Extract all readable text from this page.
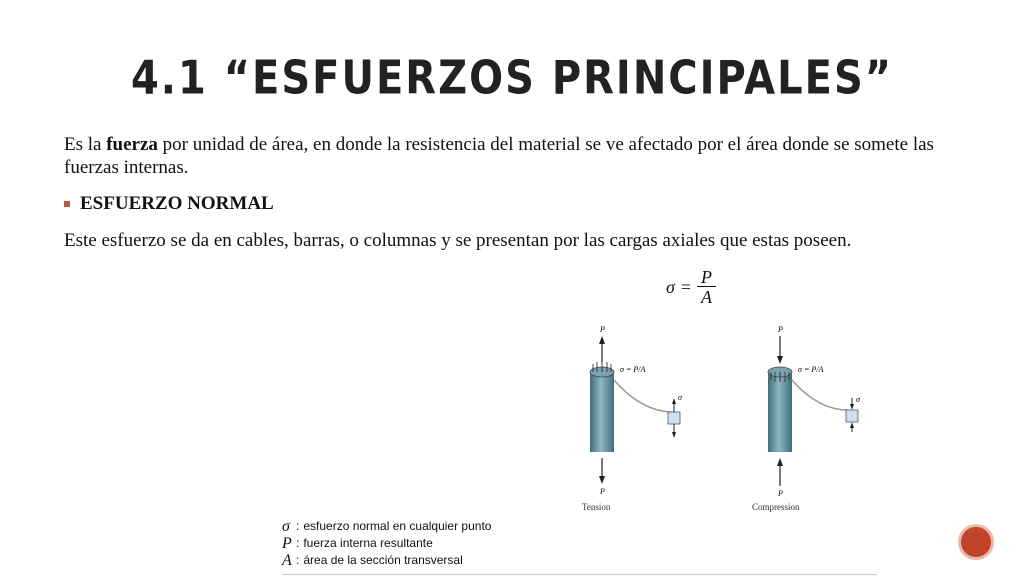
4.1 “ESFUERZOS PRINCIPALES”
Es la fuerza por unidad de área, en donde la resistencia del material se ve afectado por el área donde se somete las fuerzas internas.
ESFUERZO NORMAL
Este esfuerzo se da en cables, barras, o columnas y se presentan por las cargas axiales que estas poseen.
$\sigma = \frac{P}{A}$
P
σ = P/A
σ
P
Tension
P
σ = P/A
σ
P
Compression
σ : esfuerzo normal en cualquier punto
P : fuerza interna resultante
A : área de la sección transversal
